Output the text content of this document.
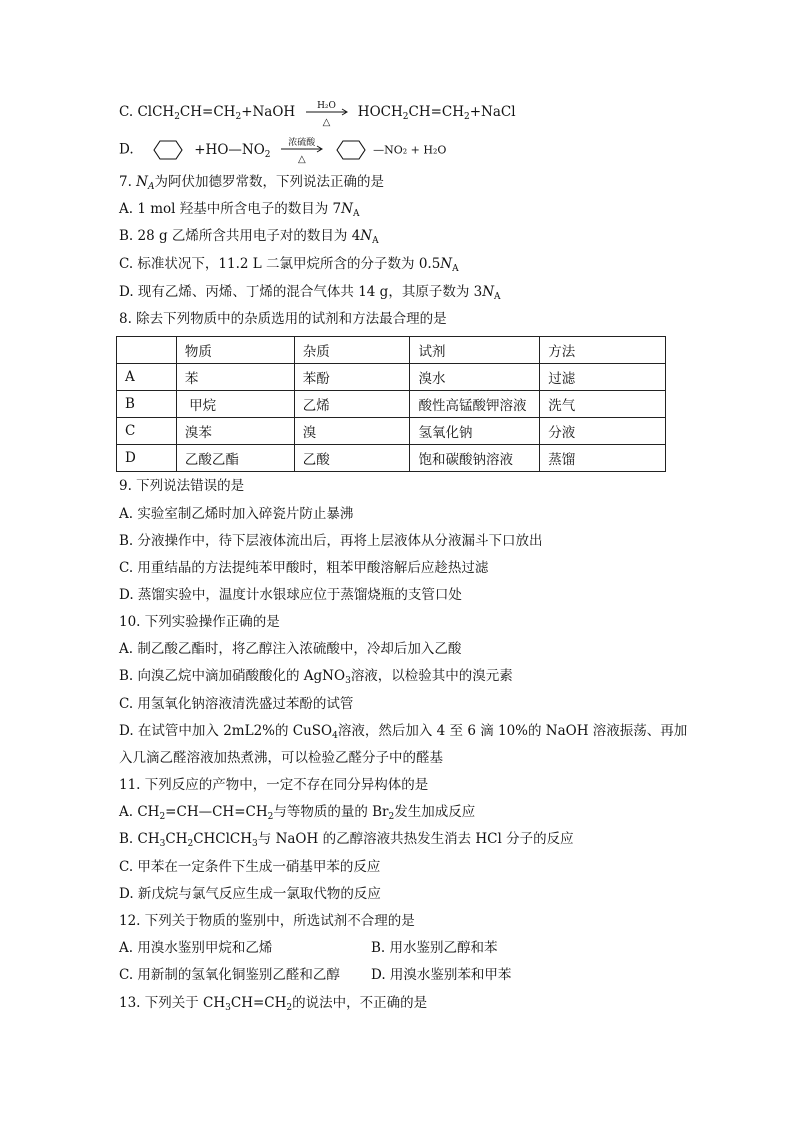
C. $ClCH_2CH=CH_2+NaOH$	H₂O
△
$HOCH_2CH=CH_2+NaCl$
D.	$+HO—NO_2$
浓硫酸
△
—NO₂ + H₂O
7. $N_A$为阿伏加德罗常数，下列说法正确的是
A. 1 mol 羟基中所含电子的数目为 $7N_A$
B. 28 g 乙烯所含共用电子对的数目为 $4N_A$
C. 标准状况下，11.2 L 二氯甲烷所含的分子数为 $0.5N_A$
D. 现有乙烯、丙烯、丁烯的混合气体共 14 g，其原子数为 $3N_A$
8. 除去下列物质中的杂质选用的试剂和方法最合理的是
	物质	杂质	试剂	方法
A	苯	苯酚	溴水	过滤
B	甲烷	乙烯	酸性高锰酸钾溶液	洗气
C	溴苯	溴	氢氧化钠	分液
D	乙酸乙酯	乙酸	饱和碳酸钠溶液	蒸馏
9. 下列说法错误的是
A. 实验室制乙烯时加入碎瓷片防止暴沸
B. 分液操作中，待下层液体流出后，再将上层液体从分液漏斗下口放出
C. 用重结晶的方法提纯苯甲酸时，粗苯甲酸溶解后应趁热过滤
D. 蒸馏实验中，温度计水银球应位于蒸馏烧瓶的支管口处
10. 下列实验操作正确的是
A. 制乙酸乙酯时，将乙醇注入浓硫酸中，冷却后加入乙酸
B. 向溴乙烷中滴加硝酸酸化的 AgNO$_3$溶液，以检验其中的溴元素
C. 用氢氧化钠溶液清洗盛过苯酚的试管
D. 在试管中加入 2mL2%的 CuSO$_4$溶液，然后加入 4 至 6 滴 10%的 NaOH 溶液振荡、再加
入几滴乙醛溶液加热煮沸，可以检验乙醛分子中的醛基
11. 下列反应的产物中，一定不存在同分异构体的是
A. $CH_2=CH—CH=CH_2$与等物质的量的 $Br_2$发生加成反应
B. $CH_3CH_2CHClCH_3$与 NaOH 的乙醇溶液共热发生消去 HCl 分子的反应
C. 甲苯在一定条件下生成一硝基甲苯的反应
D. 新戊烷与氯气反应生成一氯取代物的反应
12. 下列关于物质的鉴别中，所选试剂不合理的是
A. 用溴水鉴别甲烷和乙烯	B. 用水鉴别乙醇和苯
C. 用新制的氢氧化铜鉴别乙醛和乙醇 D. 用溴水鉴别苯和甲苯
13. 下列关于 $CH_3CH=CH_2$的说法中，不正确的是
